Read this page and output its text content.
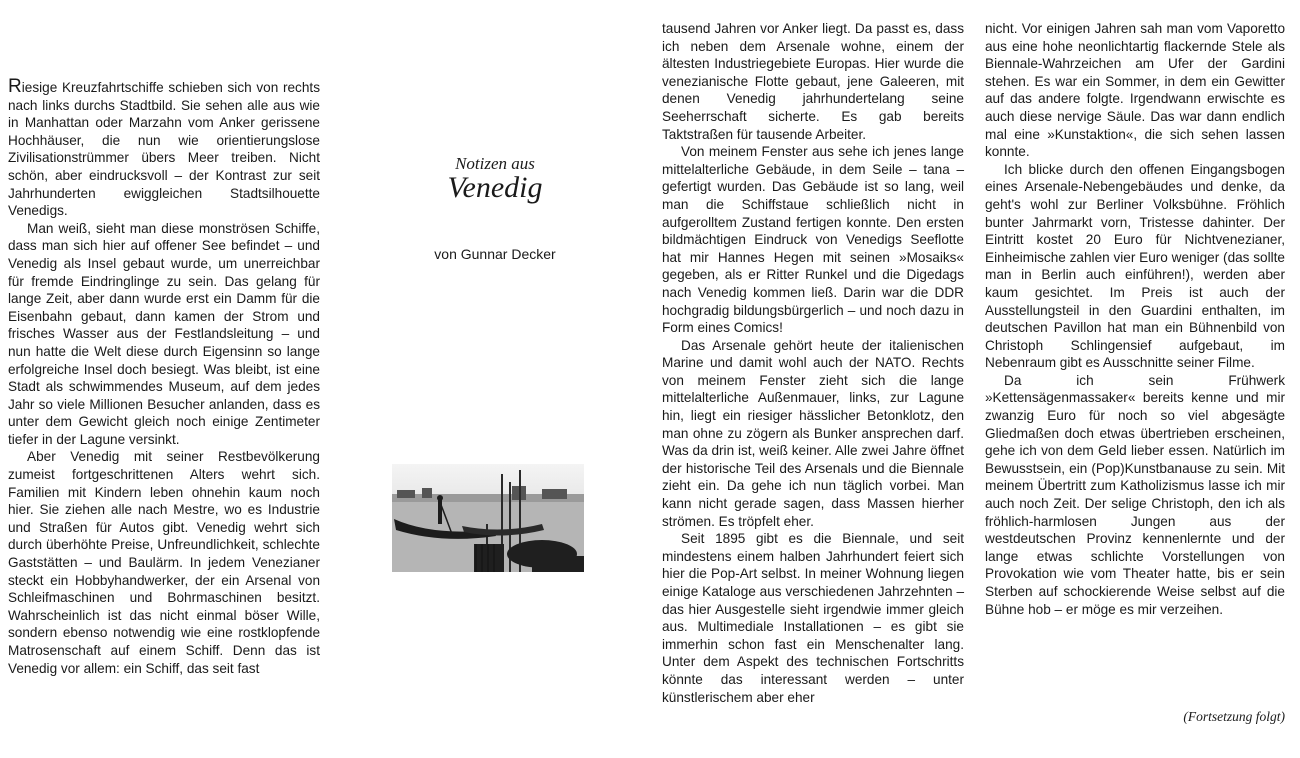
Riesige Kreuzfahrtschiffe schieben sich von rechts nach links durchs Stadtbild. Sie sehen alle aus wie in Manhattan oder Marzahn vom Anker gerissene Hochhäuser, die nun wie orientierungslose Zivilisationstrümmer übers Meer treiben. Nicht schön, aber eindrucksvoll – der Kontrast zur seit Jahrhunderten ewiggleichen Stadtsilhouette Venedigs.

Man weiß, sieht man diese monströsen Schiffe, dass man sich hier auf offener See befindet – und Venedig als Insel gebaut wurde, um unerreichbar für fremde Eindringlinge zu sein. Das gelang für lange Zeit, aber dann wurde erst ein Damm für die Eisenbahn gebaut, dann kamen der Strom und frisches Wasser aus der Festlandsleitung – und nun hatte die Welt diese durch Eigensinn so lange erfolgreiche Insel doch besiegt. Was bleibt, ist eine Stadt als schwimmendes Museum, auf dem jedes Jahr so viele Millionen Besucher anlanden, dass es unter dem Gewicht gleich noch einige Zentimeter tiefer in der Lagune versinkt.

Aber Venedig mit seiner Restbevölkerung zumeist fortgeschrittenen Alters wehrt sich. Familien mit Kindern leben ohnehin kaum noch hier. Sie ziehen alle nach Mestre, wo es Industrie und Straßen für Autos gibt. Venedig wehrt sich durch überhöhte Preise, Unfreundlichkeit, schlechte Gaststätten – und Baulärm. In jedem Venezianer steckt ein Hobbyhandwerker, der ein Arsenal von Schleifmaschinen und Bohrmaschinen besitzt. Wahrscheinlich ist das nicht einmal böser Wille, sondern ebenso notwendig wie eine rostklopfende Matrosenschaft auf einem Schiff. Denn das ist Venedig vor allem: ein Schiff, das seit fast

Notizen aus
Venedig
von Gunnar Decker

tausend Jahren vor Anker liegt. Da passt es, dass ich neben dem Arsenale wohne, einem der ältesten Industriegebiete Europas. Hier wurde die venezianische Flotte gebaut, jene Galeeren, mit denen Venedig jahrhundertelang seine Seeherrschaft sicherte. Es gab bereits Taktstraßen für tausende Arbeiter.

Von meinem Fenster aus sehe ich jenes lange mittelalterliche Gebäude, in dem Seile – tana – gefertigt wurden. Das Gebäude ist so lang, weil man die Schiffstaue schließlich nicht in aufgerolltem Zustand fertigen konnte. Den ersten bildmächtigen Eindruck von Venedigs Seeflotte hat mir Hannes Hegen mit seinen »Mosaiks« gegeben, als er Ritter Runkel und die Digedags nach Venedig kommen ließ. Darin war die DDR hochgradig bildungsbürgerlich – und noch dazu in Form eines Comics!

Das Arsenale gehört heute der italienischen Marine und damit wohl auch der NATO. Rechts von meinem Fenster zieht sich die lange mittelalterliche Außenmauer, links, zur Lagune hin, liegt ein riesiger hässlicher Betonklotz, den man ohne zu zögern als Bunker ansprechen darf. Was da drin ist, weiß keiner. Alle zwei Jahre öffnet der historische Teil des Arsenals und die Biennale zieht ein. Da gehe ich nun täglich vorbei. Man kann nicht gerade sagen, dass Massen hierher strömen. Es tröpfelt eher.

Seit 1895 gibt es die Biennale, und seit mindestens einem halben Jahrhundert feiert sich hier die Pop-Art selbst. In meiner Wohnung liegen einige Kataloge aus verschiedenen Jahrzehnten – das hier Ausgestelle sieht irgendwie immer gleich aus. Multimediale Installationen – es gibt sie immerhin schon fast ein Menschenalter lang. Unter dem Aspekt des technischen Fortschritts könnte das interessant werden – unter künstlerischem aber eher

nicht. Vor einigen Jahren sah man vom Vaporetto aus eine hohe neonlichtartig flackernde Stele als Biennale-Wahrzeichen am Ufer der Gardini stehen. Es war ein Sommer, in dem ein Gewitter auf das andere folgte. Irgendwann erwischte es auch diese nervige Säule. Das war dann endlich mal eine »Kunstaktion«, die sich sehen lassen konnte.

Ich blicke durch den offenen Eingangsbogen eines Arsenale-Nebengebäudes und denke, da geht's wohl zur Berliner Volksbühne. Fröhlich bunter Jahrmarkt vorn, Tristesse dahinter. Der Eintritt kostet 20 Euro für Nichtvenezianer, Einheimische zahlen vier Euro weniger (das sollte man in Berlin auch einführen!), werden aber kaum gesichtet. Im Preis ist auch der Ausstellungsteil in den Guardini enthalten, im deutschen Pavillon hat man ein Bühnenbild von Christoph Schlingensief aufgebaut, im Nebenraum gibt es Ausschnitte seiner Filme.

Da ich sein Frühwerk »Kettensägenmassaker« bereits kenne und mir zwanzig Euro für noch so viel abgesägte Gliedmaßen doch etwas übertrieben erscheinen, gehe ich von dem Geld lieber essen. Natürlich im Bewusstsein, ein (Pop)Kunstbanause zu sein. Mit meinem Übertritt zum Katholizismus lasse ich mir auch noch Zeit. Der selige Christoph, den ich als fröhlich-harmlosen Jungen aus der westdeutschen Provinz kennenlernte und der lange etwas schlichte Vorstellungen von Provokation wie vom Theater hatte, bis er sein Sterben auf schockierende Weise selbst auf die Bühne hob – er möge es mir verzeihen.

(Fortsetzung folgt)
